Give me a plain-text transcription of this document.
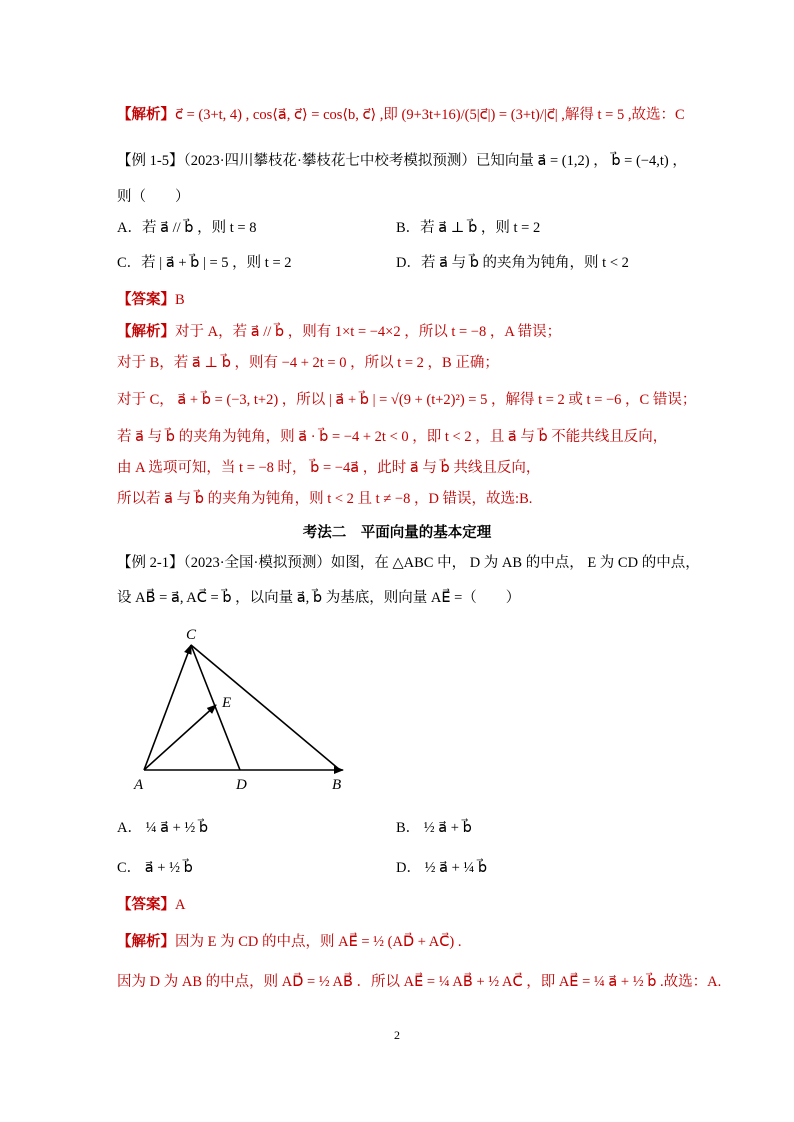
【解析】c⃗ = (3+t, 4) , cos⟨a⃗, c⃗⟩ = cos⟨b, c⃗⟩ ,即 (9+3t+16)/(5|c⃗|) = (3+t)/|c⃗| ,解得 t = 5 ,故选：C
【例 1-5】（2023·四川攀枝花·攀枝花七中校考模拟预测）已知向量 a⃗ = (1,2) ， b⃗ = (−4,t) ，
则（　　）
A．若 a⃗ // b⃗ ，则 t = 8	B．若 a⃗ ⊥ b⃗ ，则 t = 2
C．若 | a⃗ + b⃗ | = 5 ，则 t = 2	D．若 a⃗ 与 b⃗ 的夹角为钝角，则 t < 2
【答案】B
【解析】对于 A，若 a⃗ // b⃗ ，则有 1×t = −4×2 ，所以 t = −8 ，A 错误；
对于 B，若 a⃗ ⊥ b⃗ ，则有 −4 + 2t = 0 ，所以 t = 2 ，B 正确；
对于 C， a⃗ + b⃗ = (−3, t+2) ，所以 | a⃗ + b⃗ | = √(9 + (t+2)²) = 5 ，解得 t = 2 或 t = −6 ，C 错误；
若 a⃗ 与 b⃗ 的夹角为钝角，则 a⃗ · b⃗ = −4 + 2t < 0 ，即 t < 2 ，且 a⃗ 与 b⃗ 不能共线且反向，
由 A 选项可知，当 t = −8 时， b⃗ = −4a⃗ ，此时 a⃗ 与 b⃗ 共线且反向，
所以若 a⃗ 与 b⃗ 的夹角为钝角，则 t < 2 且 t ≠ −8 ，D 错误，故选:B.
考法二　平面向量的基本定理
【例 2-1】（2023·全国·模拟预测）如图，在 △ABC 中， D 为 AB 的中点， E 为 CD 的中点，
设 AB⃗ = a⃗, AC⃗ = b⃗ ，以向量 a⃗, b⃗ 为基底，则向量 AE⃗ =（　　）
C
E
A	D	B
A． ¼ a⃗ + ½ b⃗	B． ½ a⃗ + b⃗
C． a⃗ + ½ b⃗	D． ½ a⃗ + ¼ b⃗
【答案】A
【解析】因为 E 为 CD 的中点，则 AE⃗ = ½ (AD⃗ + AC⃗) .
因为 D 为 AB 的中点，则 AD⃗ = ½ AB⃗ ．所以 AE⃗ = ¼ AB⃗ + ½ AC⃗ ，即 AE⃗ = ¼ a⃗ + ½ b⃗ .故选：A.
2
